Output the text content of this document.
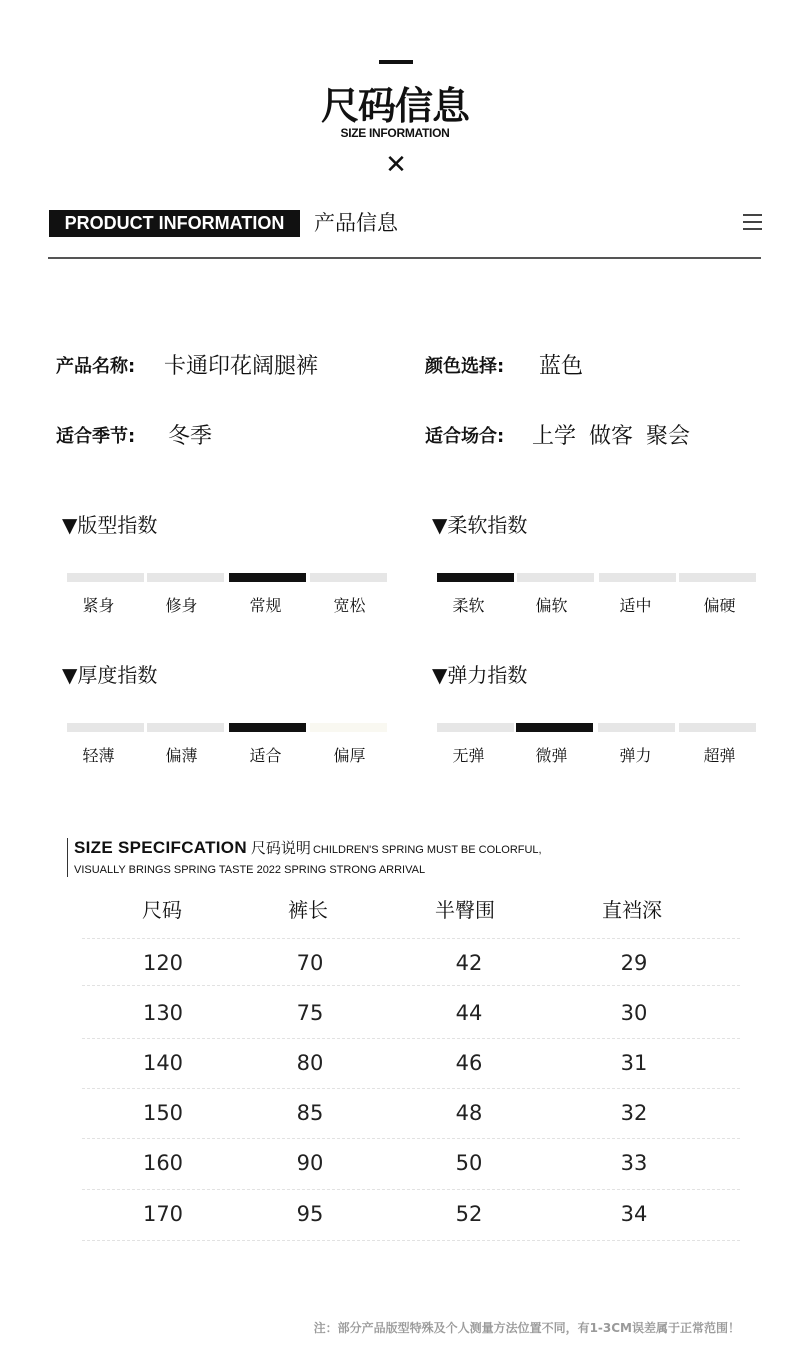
尺码信息
SIZE INFORMATION
✕
PRODUCT INFORMATION	产品信息
产品名称: 卡通印花阔腿裤	颜色选择: 蓝色
适合季节: 冬季	适合场合: 上学 做客 聚会
▼版型指数
紧身	修身	常规	宽松
▼柔软指数
柔软	偏软	适中	偏硬
▼厚度指数
轻薄	偏薄	适合	偏厚
▼弹力指数
无弹	微弹	弹力	超弹
SIZE SPECIFCATION 尺码说明 CHILDREN'S SPRING MUST BE COLORFUL,
VISUALLY BRINGS SPRING TASTE 2022 SPRING STRONG ARRIVAL
尺码	裤长	半臀围	直裆深
120	70	42	29
130	75	44	30
140	80	46	31
150	85	48	32
160	90	50	33
170	95	52	34
注：部分产品版型特殊及个人测量方法位置不同，有1-3CM误差属于正常范围！
